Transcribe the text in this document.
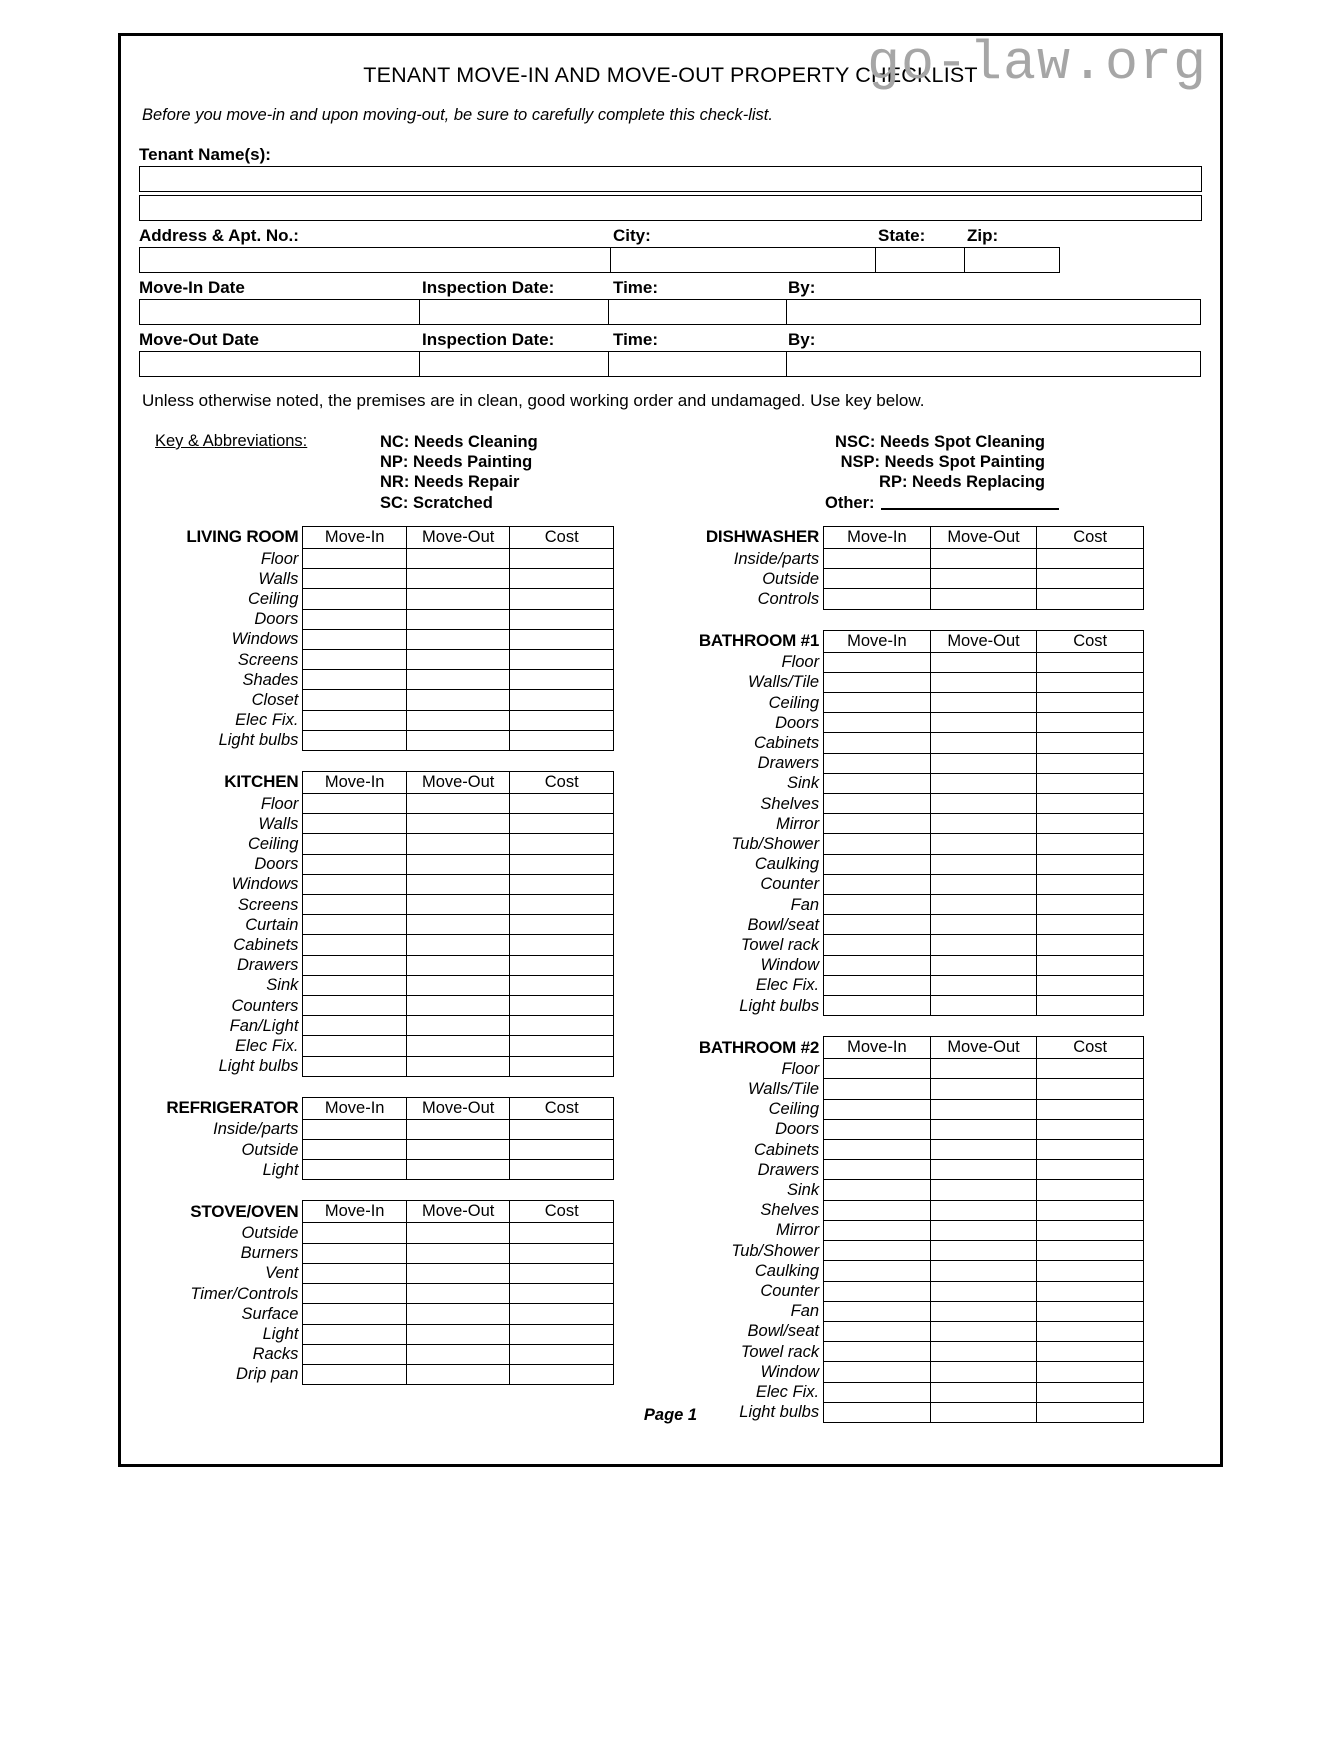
TENANT MOVE-IN AND MOVE-OUT PROPERTY CHECKLIST
Before you move-in and upon moving-out, be sure to carefully complete this check-list.
Tenant Name(s):
Address & Apt. No.:	City:	State: Zip:
Move-In Date	Inspection Date:	Time:	By:
Move-Out Date	Inspection Date:	Time:	By:
Unless otherwise noted, the premises are in clean, good working order and undamaged. Use key below.
Key & Abbreviations:	NC: Needs Cleaning
NP: Needs Painting
NR: Needs Repair
SC: Scratched
NSC: Needs Spot Cleaning
NSP: Needs Spot Painting
RP: Needs Replacing
Other:
LIVING ROOM	Move-In	Move-Out	Cost
Floor			
Walls			
Ceiling			
Doors			
Windows			
Screens			
Shades			
Closet			
Elec Fix.			
Light bulbs			
KITCHEN	Move-In	Move-Out	Cost
Floor			
Walls			
Ceiling			
Doors			
Windows			
Screens			
Curtain			
Cabinets			
Drawers			
Sink			
Counters			
Fan/Light			
Elec Fix.			
Light bulbs			
REFRIGERATOR	Move-In	Move-Out	Cost
Inside/parts			
Outside			
Light			
STOVE/OVEN	Move-In	Move-Out	Cost
Outside			
Burners			
Vent			
Timer/Controls			
Surface			
Light			
Racks			
Drip pan			
DISHWASHER	Move-In	Move-Out	Cost
Inside/parts			
Outside			
Controls			
BATHROOM #1	Move-In	Move-Out	Cost
Floor			
Walls/Tile			
Ceiling			
Doors			
Cabinets			
Drawers			
Sink			
Shelves			
Mirror			
Tub/Shower			
Caulking			
Counter			
Fan			
Bowl/seat			
Towel rack			
Window			
Elec Fix.			
Light bulbs			
BATHROOM #2	Move-In	Move-Out	Cost
Floor			
Walls/Tile			
Ceiling			
Doors			
Cabinets			
Drawers			
Sink			
Shelves			
Mirror			
Tub/Shower			
Caulking			
Counter			
Fan			
Bowl/seat			
Towel rack			
Window			
Elec Fix.			
Light bulbs			
Page 1
go-law.org
